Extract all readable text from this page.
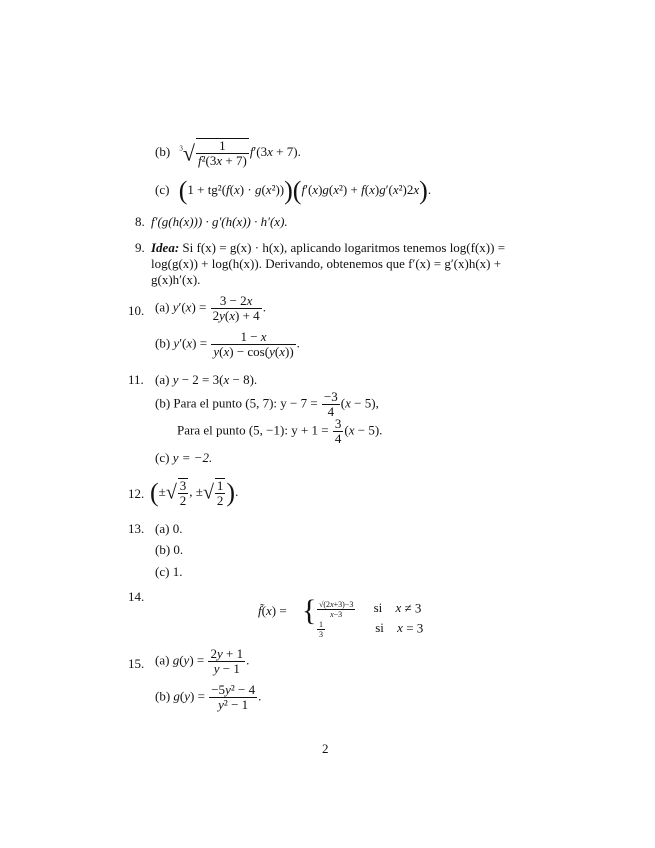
(b) $^3√ \frac{1}{\text{f²(3x + 7)}} f'(3x + 7)$.
(c) (1 + tg²(f(x) · g(x²)))(f′(x)g(x²) + f(x)g′(x²)2x).
8. f′(g(h(x))) · g′(h(x)) · h′(x).
9. Idea: Si f(x) = g(x) · h(x), aplicando logaritmos tenemos log(f(x)) =
log(g(x)) + log(h(x)). Derivando, obtenemos que f′(x) = g′(x)h(x) +
g(x)h′(x).
10. (a) $y'(x) = \frac{3 - 2x}{2y(x) + 4}$ .
(b) $y'(x) = \frac{1 - x}{y(x) - \cos(y(x))}$ .
11. (a) y − 2 = 3(x − 8).
(b) Para el punto (5, 7): $y - 7 = \frac{-3}{4} (x - 5)$,
Para el punto (5, −1): $y + 1 = \frac{3}{4} (x - 5)$.
(c) y = −2.
12. (±√ $\frac{3}{2}$ , ±√ $\frac{1}{2}$ ).
13. (a) 0.
(b) 0.
(c) 1.
14.
f̃(x) = { $\frac{√(2x+3)-3}{x-3}$ si x ≠ 3
$\frac{1}{3}$	si x = 3
15. (a) $g(y) = \frac{2y + 1}{y - 1}$ .
(b) $g(y) = \frac{\text{−5y² − 4}}{\text{y² − 1}}$ .
2
